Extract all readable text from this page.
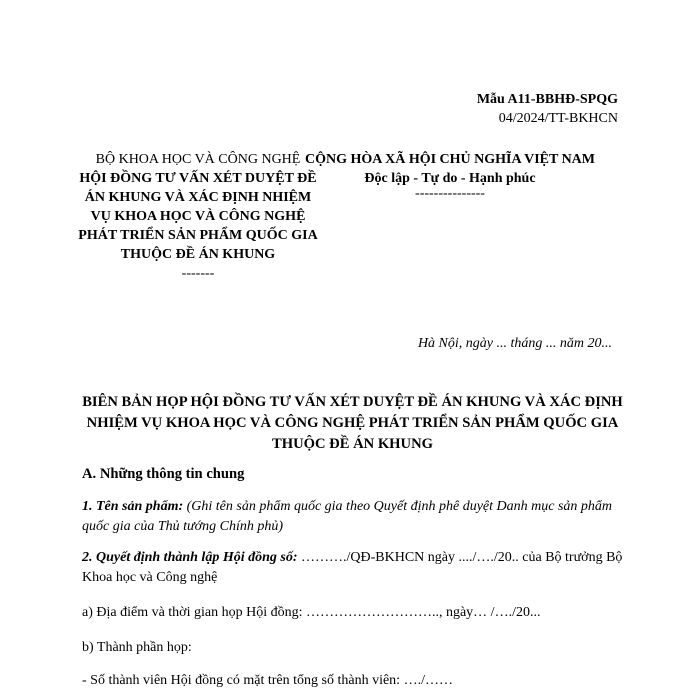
Mẫu A11-BBHĐ-SPQG
04/2024/TT-BKHCN
BỘ KHOA HỌC VÀ CÔNG NGHỆ
HỘI ĐỒNG TƯ VẤN XÉT DUYỆT ĐỀ ÁN KHUNG VÀ XÁC ĐỊNH NHIỆM VỤ KHOA HỌC VÀ CÔNG NGHỆ PHÁT TRIỂN SẢN PHẨM QUỐC GIA THUỘC ĐỀ ÁN KHUNG
-------
CỘNG HÒA XÃ HỘI CHỦ NGHĨA VIỆT NAM
Độc lập - Tự do - Hạnh phúc
---------------
Hà Nội, ngày ... tháng ... năm 20...
BIÊN BẢN HỌP HỘI ĐỒNG TƯ VẤN XÉT DUYỆT ĐỀ ÁN KHUNG VÀ XÁC ĐỊNH NHIỆM VỤ KHOA HỌC VÀ CÔNG NGHỆ PHÁT TRIỂN SẢN PHẨM QUỐC GIA THUỘC ĐỀ ÁN KHUNG
A. Những thông tin chung
1. Tên sản phẩm: (Ghi tên sản phẩm quốc gia theo Quyết định phê duyệt Danh mục sản phẩm quốc gia của Thủ tướng Chính phủ)
2. Quyết định thành lập Hội đồng số: ………./QĐ-BKHCN ngày ..../…./20.. của Bộ trưởng Bộ Khoa học và Công nghệ
a) Địa điểm và thời gian họp Hội đồng: ……………………….., ngày… /…./20...
b) Thành phần họp:
- Số thành viên Hội đồng có mặt trên tổng số thành viên: …./……
